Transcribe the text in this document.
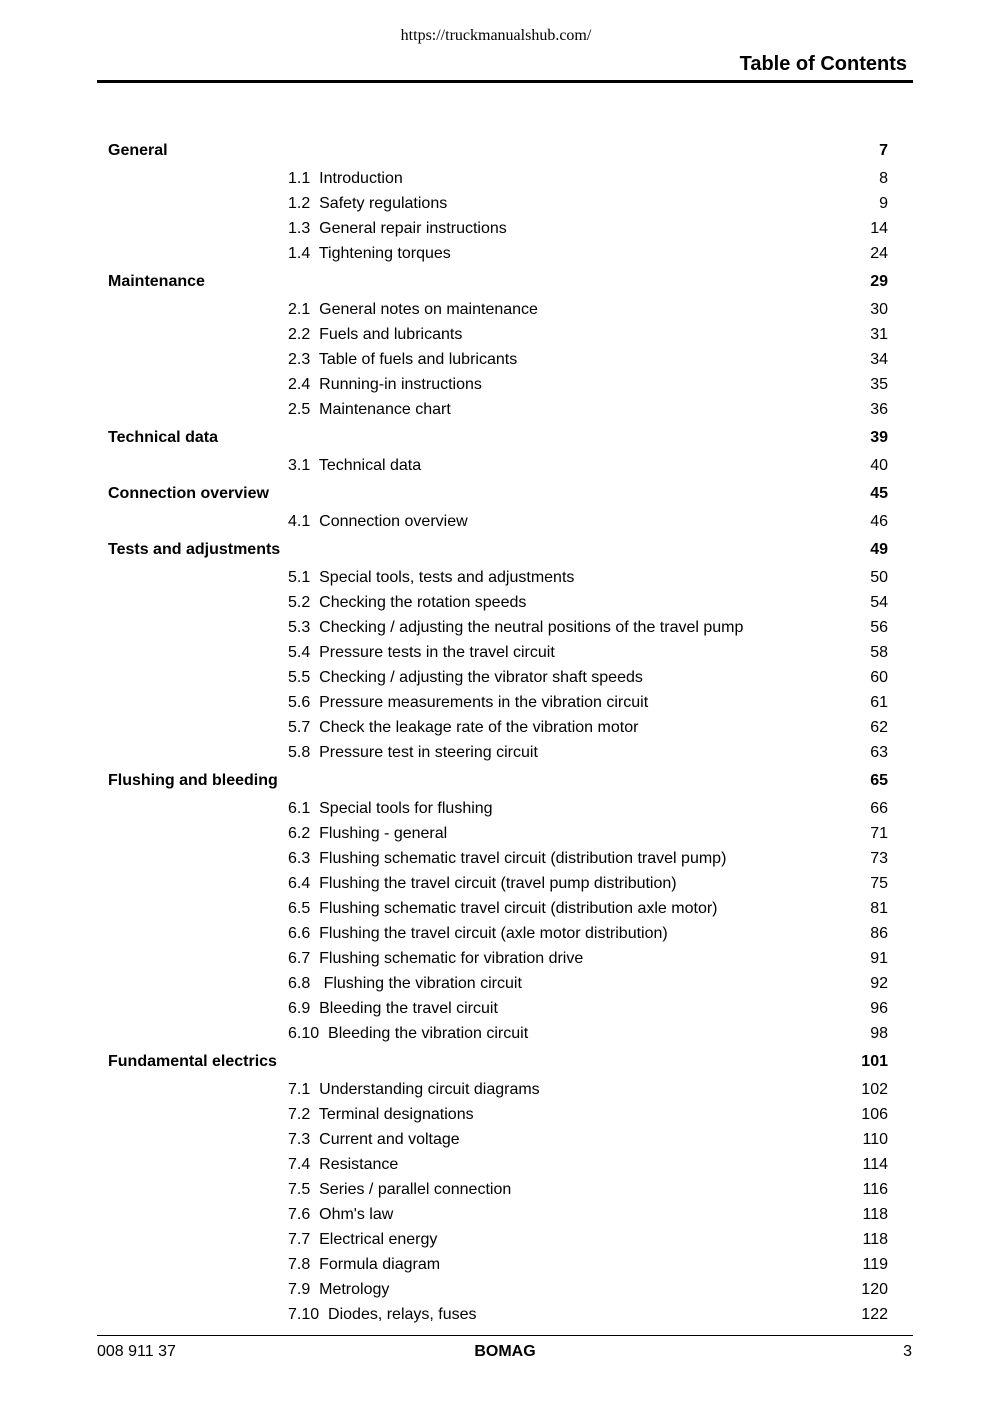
https://truckmanualshub.com/
Table of Contents
General	7
1.1  Introduction	8
1.2  Safety regulations	9
1.3  General repair instructions	14
1.4  Tightening torques	24
Maintenance	29
2.1  General notes on maintenance	30
2.2  Fuels and lubricants	31
2.3  Table of fuels and lubricants	34
2.4  Running-in instructions	35
2.5  Maintenance chart	36
Technical data	39
3.1  Technical data	40
Connection overview	45
4.1  Connection overview	46
Tests and adjustments	49
5.1  Special tools, tests and adjustments	50
5.2  Checking the rotation speeds	54
5.3  Checking / adjusting the neutral positions of the travel pump	56
5.4  Pressure tests in the travel circuit	58
5.5  Checking / adjusting the vibrator shaft speeds	60
5.6  Pressure measurements in the vibration circuit	61
5.7  Check the leakage rate of the vibration motor	62
5.8  Pressure test in steering circuit	63
Flushing and bleeding	65
6.1  Special tools for flushing	66
6.2  Flushing - general	71
6.3  Flushing schematic travel circuit (distribution travel pump)	73
6.4  Flushing the travel circuit (travel pump distribution)	75
6.5  Flushing schematic travel circuit (distribution axle motor)	81
6.6  Flushing the travel circuit (axle motor distribution)	86
6.7  Flushing schematic for vibration drive	91
6.8   Flushing the vibration circuit	92
6.9  Bleeding the travel circuit	96
6.10  Bleeding the vibration circuit	98
Fundamental electrics	101
7.1  Understanding circuit diagrams	102
7.2  Terminal designations	106
7.3  Current and voltage	110
7.4  Resistance	114
7.5  Series / parallel connection	116
7.6  Ohm's law	118
7.7  Electrical energy	118
7.8  Formula diagram	119
7.9  Metrology	120
7.10  Diodes, relays, fuses	122
008 911 37	BOMAG	3
